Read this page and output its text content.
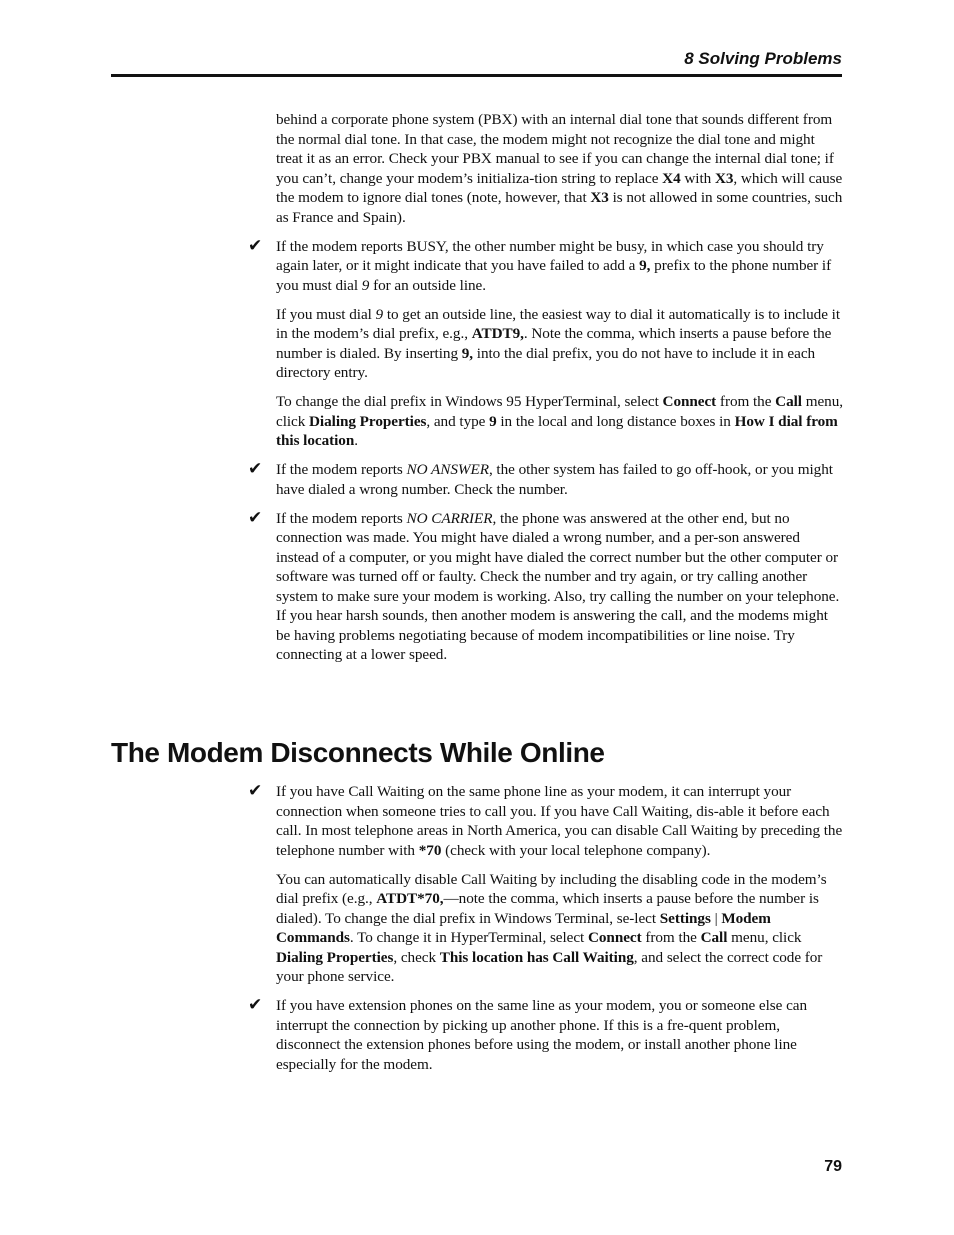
8 Solving Problems

behind a corporate phone system (PBX) with an internal dial tone that sounds different from the normal dial tone. In that case, the modem might not recognize the dial tone and might treat it as an error. Check your PBX manual to see if you can change the internal dial tone; if you can’t, change your modem’s initializa-tion string to replace X4 with X3, which will cause the modem to ignore dial tones (note, however, that X3 is not allowed in some countries, such as France and Spain).

✔ If the modem reports BUSY, the other number might be busy, in which case you should try again later, or it might indicate that you have failed to add a 9, prefix to the phone number if you must dial 9 for an outside line.

If you must dial 9 to get an outside line, the easiest way to dial it automatically is to include it in the modem’s dial prefix, e.g., ATDT9,. Note the comma, which inserts a pause before the number is dialed. By inserting 9, into the dial prefix, you do not have to include it in each directory entry.

To change the dial prefix in Windows 95 HyperTerminal, select Connect from the Call menu, click Dialing Properties, and type 9 in the local and long distance boxes in How I dial from this location.

✔ If the modem reports NO ANSWER, the other system has failed to go off-hook, or you might have dialed a wrong number. Check the number.

✔ If the modem reports NO CARRIER, the phone was answered at the other end, but no connection was made. You might have dialed a wrong number, and a per-son answered instead of a computer, or you might have dialed the correct number but the other computer or software was turned off or faulty. Check the number and try again, or try calling another system to make sure your modem is working. Also, try calling the number on your telephone. If you hear harsh sounds, then another modem is answering the call, and the modems might be having problems negotiating because of modem incompatibilities or line noise. Try connecting at a lower speed.

The Modem Disconnects While Online

✔ If you have Call Waiting on the same phone line as your modem, it can interrupt your connection when someone tries to call you. If you have Call Waiting, dis-able it before each call. In most telephone areas in North America, you can disable Call Waiting by preceding the telephone number with *70 (check with your local telephone company).

You can automatically disable Call Waiting by including the disabling code in the modem’s dial prefix (e.g., ATDT*70,—note the comma, which inserts a pause before the number is dialed). To change the dial prefix in Windows Terminal, se-lect Settings | Modem Commands. To change it in HyperTerminal, select Connect from the Call menu, click Dialing Properties, check This location has Call Waiting, and select the correct code for your phone service.

✔ If you have extension phones on the same line as your modem, you or someone else can interrupt the connection by picking up another phone. If this is a fre-quent problem, disconnect the extension phones before using the modem, or install another phone line especially for the modem.

79
